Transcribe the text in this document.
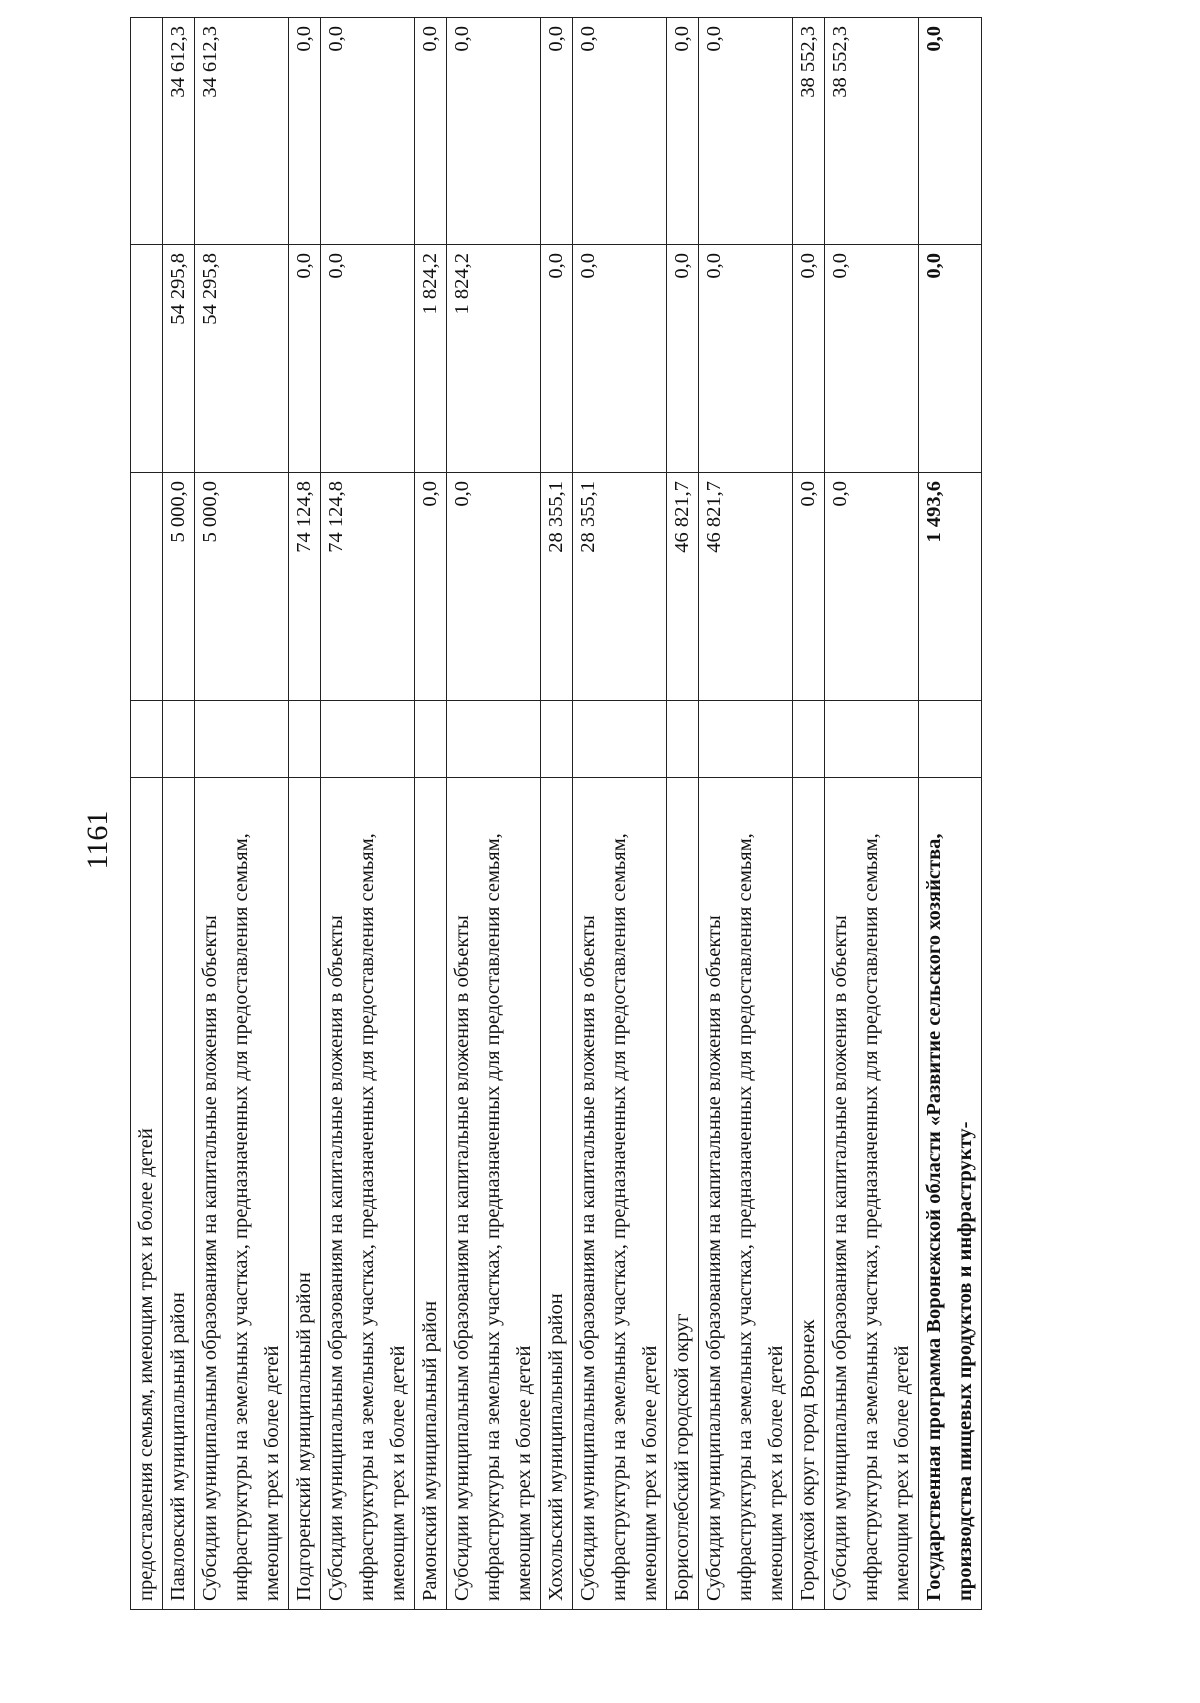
1161
предоставления семьям, имеющим трех и более детей				
Павловский муниципальный район		5 000,0	54 295,8	34 612,3
Субсидии муниципальным образованиям на капитальные вложения в объекты инфраструктуры на земельных участках, предназначенных для предоставления семьям, имеющим трех и более детей		5 000,0	54 295,8	34 612,3
Подгоренский муниципальный район		74 124,8	0,0	0,0
Субсидии муниципальным образованиям на капитальные вложения в объекты инфраструктуры на земельных участках, предназначенных для предоставления семьям, имеющим трех и более детей		74 124,8	0,0	0,0
Рамонский муниципальный район		0,0	1 824,2	0,0
Субсидии муниципальным образованиям на капитальные вложения в объекты инфраструктуры на земельных участках, предназначенных для предоставления семьям, имеющим трех и более детей		0,0	1 824,2	0,0
Хохольский муниципальный район		28 355,1	0,0	0,0
Субсидии муниципальным образованиям на капитальные вложения в объекты инфраструктуры на земельных участках, предназначенных для предоставления семьям, имеющим трех и более детей		28 355,1	0,0	0,0
Борисоглебский городской округ		46 821,7	0,0	0,0
Субсидии муниципальным образованиям на капитальные вложения в объекты инфраструктуры на земельных участках, предназначенных для предоставления семьям, имеющим трех и более детей		46 821,7	0,0	0,0
Городской округ город Воронеж		0,0	0,0	38 552,3
Субсидии муниципальным образованиям на капитальные вложения в объекты инфраструктуры на земельных участках, предназначенных для предоставления семьям, имеющим трех и более детей		0,0	0,0	38 552,3
Государственная программа Воронежской области «Развитие сельского хозяйства, производства пищевых продуктов и инфраструкту-		1 493,6	0,0	0,0
